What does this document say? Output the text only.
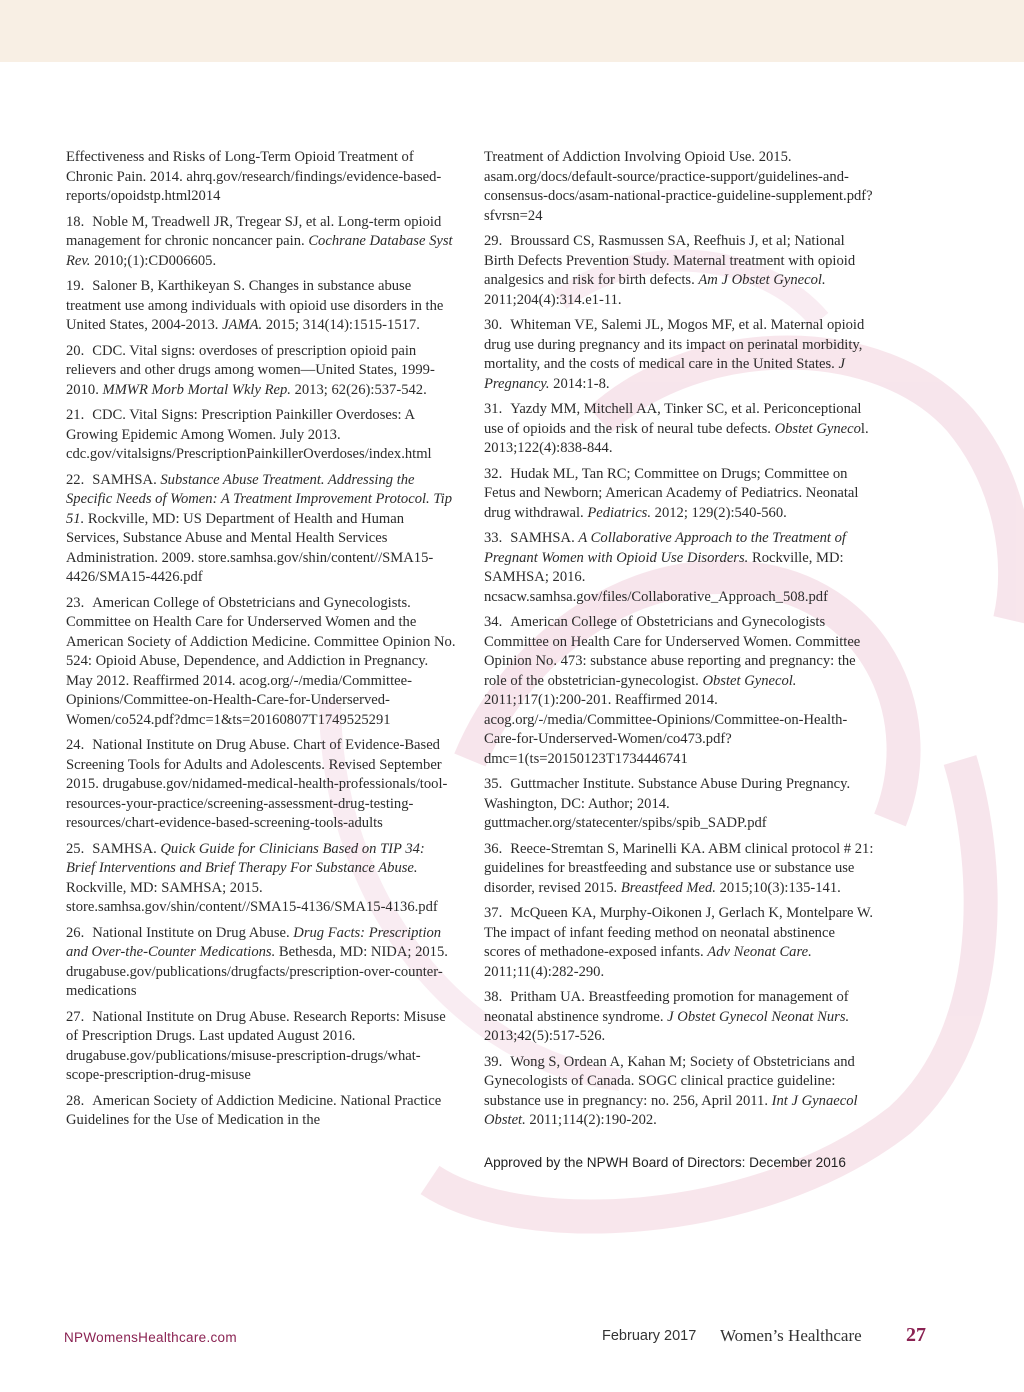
Effectiveness and Risks of Long-Term Opioid Treatment of Chronic Pain. 2014. ahrq.gov/research/findings/evidence-based-reports/opoidstp.html2014

18. Noble M, Treadwell JR, Tregear SJ, et al. Long-term opioid management for chronic noncancer pain. Cochrane Database Syst Rev. 2010;(1):CD006605.

19. Saloner B, Karthikeyan S. Changes in substance abuse treatment use among individuals with opioid use disorders in the United States, 2004-2013. JAMA. 2015; 314(14):1515-1517.

20. CDC. Vital signs: overdoses of prescription opioid pain relievers and other drugs among women—United States, 1999-2010. MMWR Morb Mortal Wkly Rep. 2013; 62(26):537-542.

21. CDC. Vital Signs: Prescription Painkiller Overdoses: A Growing Epidemic Among Women. July 2013. cdc.gov/vitalsigns/PrescriptionPainkillerOverdoses/index.html

22. SAMHSA. Substance Abuse Treatment. Addressing the Specific Needs of Women: A Treatment Improvement Protocol. Tip 51. Rockville, MD: US Department of Health and Human Services, Substance Abuse and Mental Health Services Administration. 2009. store.samhsa.gov/shin/content//SMA15-4426/SMA15-4426.pdf

23. American College of Obstetricians and Gynecologists. Committee on Health Care for Underserved Women and the American Society of Addiction Medicine. Committee Opinion No. 524: Opioid Abuse, Dependence, and Addiction in Pregnancy. May 2012. Reaffirmed 2014. acog.org/-/media/Committee-Opinions/Committee-on-Health-Care-for-Underserved-Women/co524.pdf?dmc=1&ts=20160807T1749525291

24. National Institute on Drug Abuse. Chart of Evidence-Based Screening Tools for Adults and Adolescents. Revised September 2015. drugabuse.gov/nidamed-medical-health-professionals/tool-resources-your-practice/screening-assessment-drug-testing-resources/chart-evidence-based-screening-tools-adults

25. SAMHSA. Quick Guide for Clinicians Based on TIP 34: Brief Interventions and Brief Therapy For Substance Abuse. Rockville, MD: SAMHSA; 2015. store.samhsa.gov/shin/content//SMA15-4136/SMA15-4136.pdf

26. National Institute on Drug Abuse. Drug Facts: Prescription and Over-the-Counter Medications. Bethesda, MD: NIDA; 2015. drugabuse.gov/publications/drugfacts/prescription-over-counter-medications

27. National Institute on Drug Abuse. Research Reports: Misuse of Prescription Drugs. Last updated August 2016. drugabuse.gov/publications/misuse-prescription-drugs/what-scope-prescription-drug-misuse

28. American Society of Addiction Medicine. National Practice Guidelines for the Use of Medication in the

Treatment of Addiction Involving Opioid Use. 2015. asam.org/docs/default-source/practice-support/guidelines-and-consensus-docs/asam-national-practice-guideline-supplement.pdf?sfvrsn=24

29. Broussard CS, Rasmussen SA, Reefhuis J, et al; National Birth Defects Prevention Study. Maternal treatment with opioid analgesics and risk for birth defects. Am J Obstet Gynecol. 2011;204(4):314.e1-11.

30. Whiteman VE, Salemi JL, Mogos MF, et al. Maternal opioid drug use during pregnancy and its impact on perinatal morbidity, mortality, and the costs of medical care in the United States. J Pregnancy. 2014:1-8.

31. Yazdy MM, Mitchell AA, Tinker SC, et al. Periconceptional use of opioids and the risk of neural tube defects. Obstet Gynecol. 2013;122(4):838-844.

32. Hudak ML, Tan RC; Committee on Drugs; Committee on Fetus and Newborn; American Academy of Pediatrics. Neonatal drug withdrawal. Pediatrics. 2012; 129(2):540-560.

33. SAMHSA. A Collaborative Approach to the Treatment of Pregnant Women with Opioid Use Disorders. Rockville, MD: SAMHSA; 2016. ncsacw.samhsa.gov/files/Collaborative_Approach_508.pdf

34. American College of Obstetricians and Gynecologists Committee on Health Care for Underserved Women. Committee Opinion No. 473: substance abuse reporting and pregnancy: the role of the obstetrician-gynecologist. Obstet Gynecol. 2011;117(1):200-201. Reaffirmed 2014. acog.org/-/media/Committee-Opinions/Committee-on-Health-Care-for-Underserved-Women/co473.pdf?dmc=1(ts=20150123T1734446741

35. Guttmacher Institute. Substance Abuse During Pregnancy. Washington, DC: Author; 2014. guttmacher.org/statecenter/spibs/spib_SADP.pdf

36. Reece-Stremtan S, Marinelli KA. ABM clinical protocol # 21: guidelines for breastfeeding and substance use or substance use disorder, revised 2015. Breastfeed Med. 2015;10(3):135-141.

37. McQueen KA, Murphy-Oikonen J, Gerlach K, Montelpare W. The impact of infant feeding method on neonatal abstinence scores of methadone-exposed infants. Adv Neonat Care. 2011;11(4):282-290.

38. Pritham UA. Breastfeeding promotion for management of neonatal abstinence syndrome. J Obstet Gynecol Neonat Nurs. 2013;42(5):517-526.

39. Wong S, Ordean A, Kahan M; Society of Obstetricians and Gynecologists of Canada. SOGC clinical practice guideline: substance use in pregnancy: no. 256, April 2011. Int J Gynaecol Obstet. 2011;114(2):190-202.

Approved by the NPWH Board of Directors: December 2016
NPWomensHealthcare.com	February 2017 Women’s Healthcare 27
